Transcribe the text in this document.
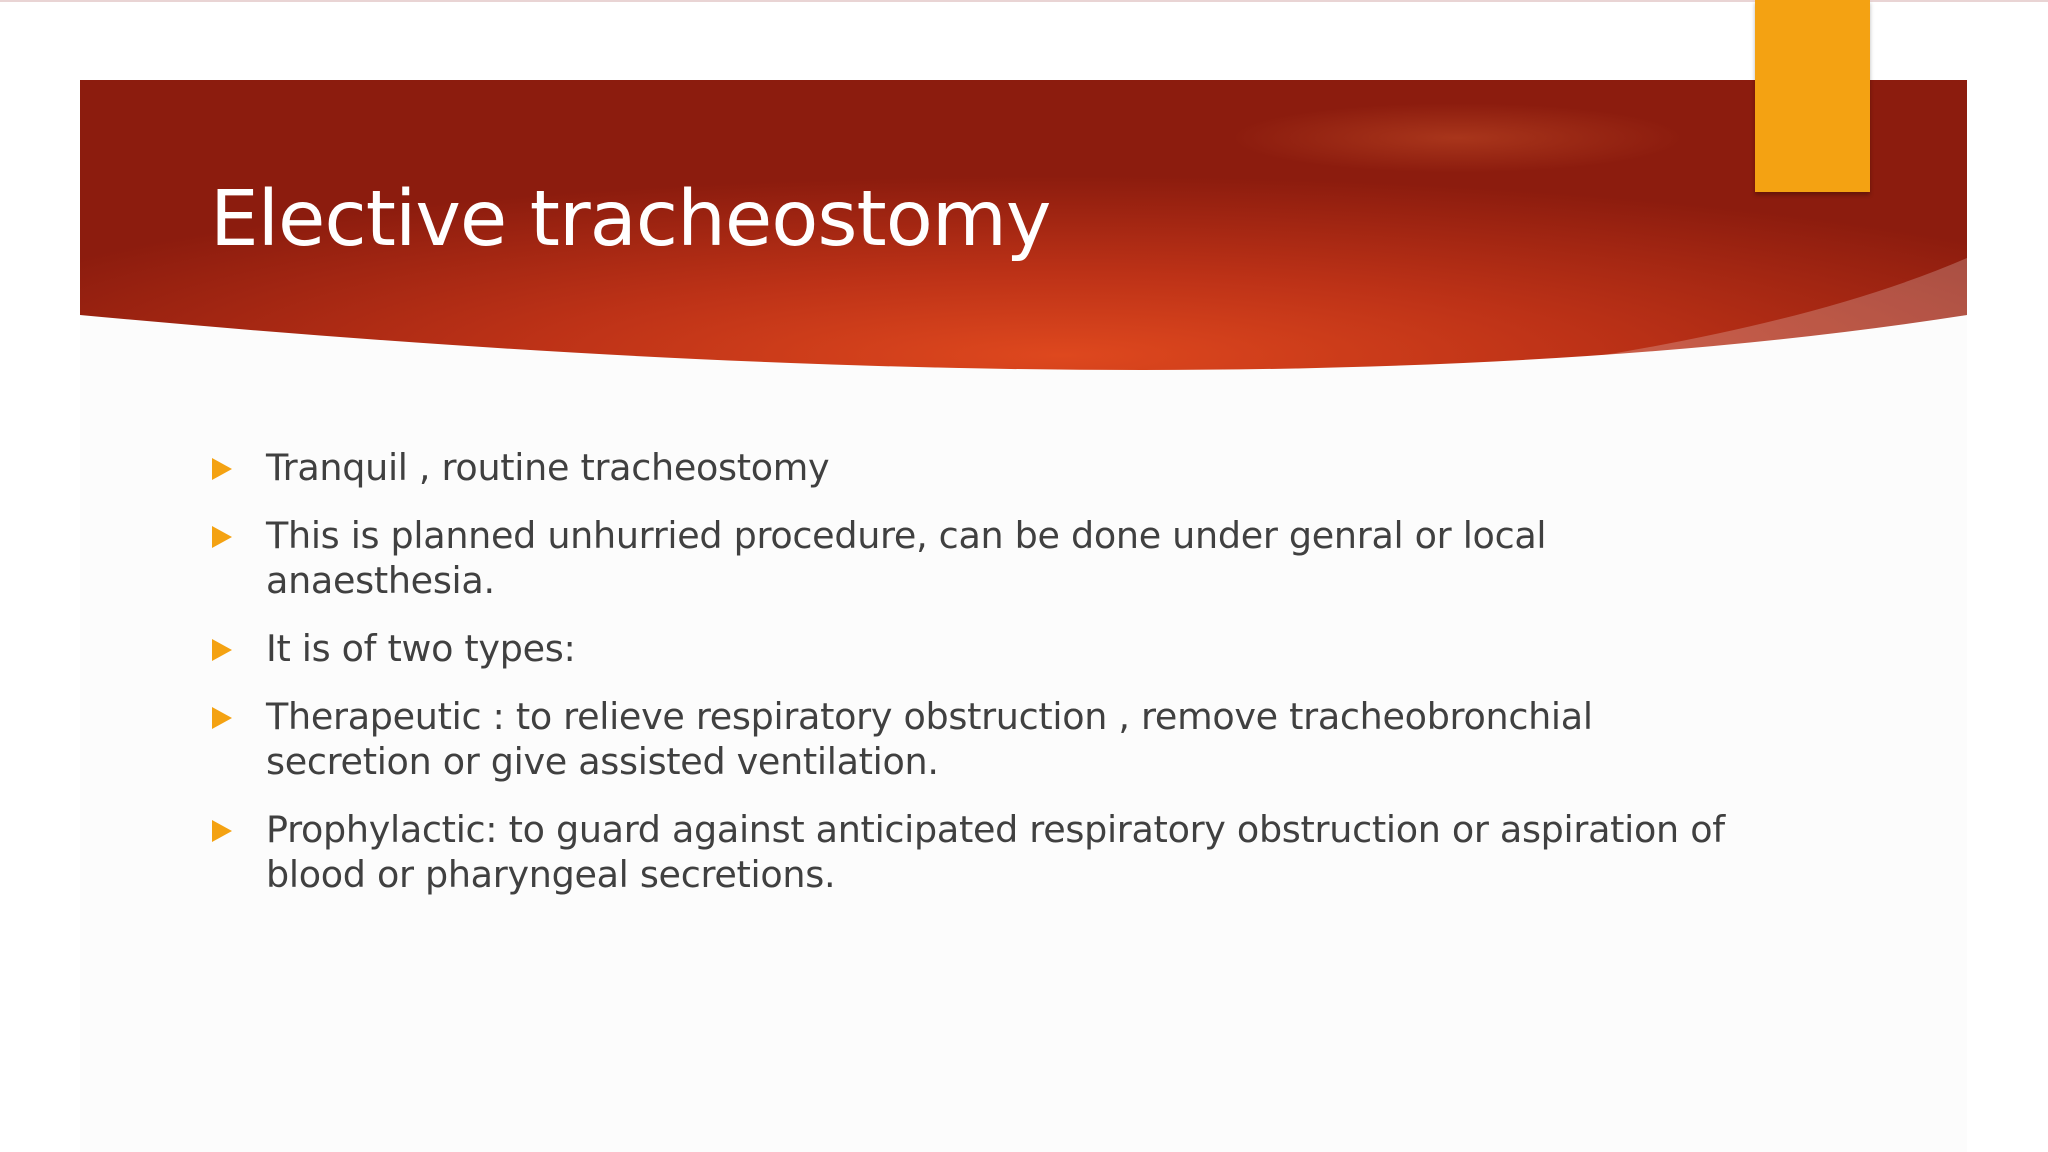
Elective tracheostomy
Tranquil , routine tracheostomy
This is planned unhurried procedure, can be done under genral or local anaesthesia.
It is of two types:
Therapeutic : to relieve respiratory obstruction , remove tracheobronchial secretion or give assisted ventilation.
Prophylactic: to guard against anticipated respiratory obstruction or aspiration of blood or pharyngeal secretions.
